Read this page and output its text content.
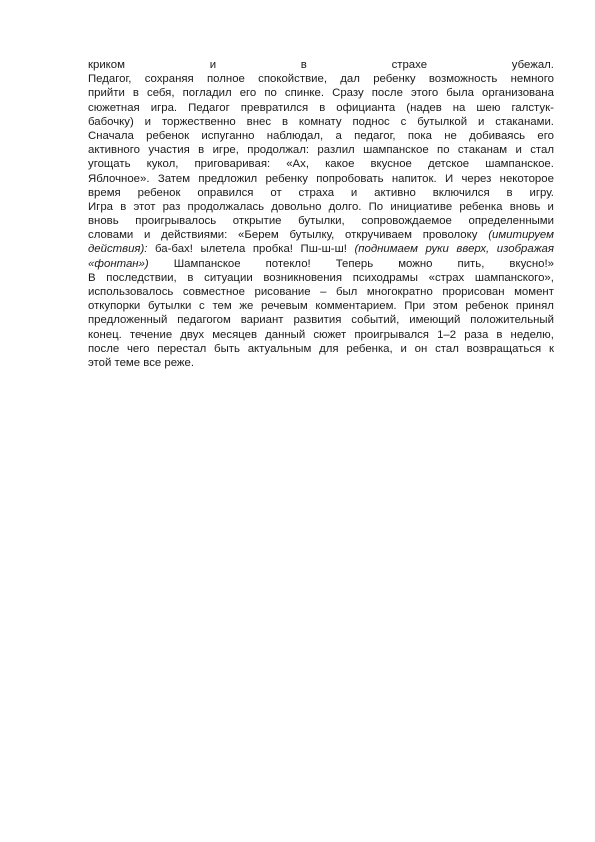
криком	и	в	страхе	убежал.
Педагог, сохраняя полное спокойствие, дал ребенку возможность немного
прийти в себя, погладил его по спинке. Сразу после этого была организована
сюжетная игра. Педагог превратился в официанта (надев на шею галстук-
бабочку) и торжественно внес в комнату поднос с бутылкой и стаканами.
Сначала ребенок испуганно наблюдал, а педагог, пока не добиваясь его
активного участия в игре, продолжал: разлил шампанское по стаканам и стал
угощать кукол, приговаривая: «Ах, какое вкусное детское шампанское.
Яблочное». Затем предложил ребенку попробовать напиток. И через некоторое
время ребенок оправился от страха и активно включился в игру.
Игра в этот раз продолжалась довольно долго. По инициативе ребенка вновь и
вновь проигрывалось открытие бутылки, сопровождаемое определенными
словами и действиями: «Берем бутылку, откручиваем проволоку (имитируем
действия): ба-бах! ылетела пробка! Пш-ш-ш! (поднимаем руки вверх, изображая
«фонтан») Шампанское потекло! Теперь можно пить, вкусно!»
В последствии, в ситуации возникновения психодрамы «страх шампанского»,
использовалось совместное рисование – был многократно прорисован момент
откупорки бутылки с тем же речевым комментарием. При этом ребенок принял
предложенный педагогом вариант развития событий, имеющий положительный
конец. течение двух месяцев данный сюжет проигрывался 1–2 раза в неделю,
после чего перестал быть актуальным для ребенка, и он стал возвращаться к
этой теме все реже.
